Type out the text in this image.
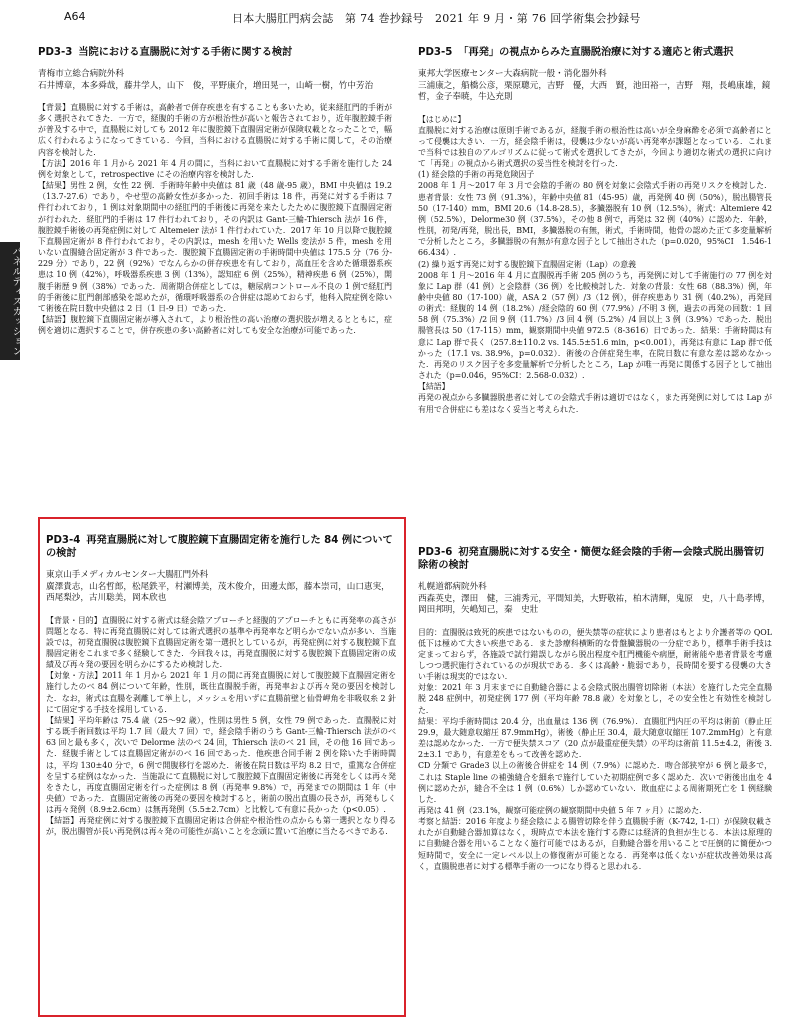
A64	日本大腸肛門病会誌　第 74 巻抄録号　2021 年 9 月・第 76 回学術集会抄録号
パネルディスカッション
PD3-3 当院における直腸脱に対する手術に関する検討

青梅市立総合病院外科

石井博章，本多舜哉，藤井学人，山下　俊，平野康介，増田晃一，山崎一樹，竹中芳治

【背景】直腸脱に対する手術は，高齢者で併存疾患を有することも多いため，従来経肛門的手術が多く選択されてきた．一方で，経腹的手術の方が根治性が高いと報告されており，近年腹腔鏡手術が普及する中で，直腸脱に対しても 2012 年に腹腔鏡下直腸固定術が保険収載となったことで，幅広く行われるようになってきている．今回，当科における直腸脱に対する手術に関して，その治療内容を検討した．

【方法】2016 年 1 月から 2021 年 4 月の間に，当科において直腸脱に対する手術を施行した 24 例を対象として，retrospective にその治療内容を検討した．

【結果】男性 2 例，女性 22 例．手術時年齢中央値は 81 歳（48 歳-95 歳），BMI 中央値は 19.2（13.7-27.6）であり，やせ型の高齢女性が多かった．初回手術は 18 件，再発に対する手術は 7 件行われており，1 例は対象期間中の経肛門的手術後に再発を来たしたために腹腔鏡下直腸固定術が行われた．経肛門的手術は 17 件行われており，その内訳は Gant-三輪-Thiersch 法が 16 件，腹腔鏡手術後の再発症例に対して Altemeier 法が 1 件行われていた．2017 年 10 月以降で腹腔鏡下直腸固定術が 8 件行われており，その内訳は，mesh を用いた Wells 変法が 5 件，mesh を用いない直腸縫合固定術が 3 件であった．腹腔鏡下直腸固定術の手術時間中央値は 175.5 分（76 分-229 分）であり，22 例（92%）でなんらかの併存疾患を有しており，高血圧を含めた循環器系疾患は 10 例（42%），呼吸器系疾患 3 例（13%），認知症 6 例（25%），精神疾患 6 例（25%），開腹手術歴 9 例（38%）であった．周術期合併症としては，糖尿病コントロール不良の 1 例で経肛門的手術後に肛門創部感染を認めたが，循環呼吸器系の合併症は認めておらず，他科入院症例を除いて術後在院日数中央値は 2 日（1 日-9 日）であった．

【結語】腹腔鏡下直腸固定術が導入されて，より根治性の高い治療の選択肢が増えるとともに，症例を適切に選択することで，併存疾患の多い高齢者に対しても安全な治療が可能であった．

PD3-4 再発直腸脱に対して腹腔鏡下直腸固定術を施行した 84 例についての検討

東京山手メディカルセンター大腸肛門外科

廣澤貴志，山名哲郎，松尾鉄平，村瀬博美，茂木俊介，田邊太郎，藤本崇司，山口恵実，西尾梨沙，古川聡美，岡本欣也

【背景・目的】直腸脱に対する術式は経会陰アプローチと経腹的アプローチともに再発率の高さが問題となる．特に再発直腸脱に対しては術式選択の基準や再発率など明らかでない点が多い．当施設では，初発直腸脱は腹腔鏡下直腸固定術を第一選択としているが，再発症例に対する腹腔鏡下直腸固定術をこれまで多く経験してきた．今回我々は，再発直腸脱に対する腹腔鏡下直腸固定術の成績及び再々発の要因を明らかにするため検討した．

【対象・方法】2011 年 1 月から 2021 年 1 月の間に再発直腸脱に対して腹腔鏡下直腸固定術を施行したのべ 84 例について年齢，性別，既往直腸脱手術，再発率および再々発の要因を検討した．なお，術式は直腸を剥離して挙上し，メッシュを用いずに直腸前壁と仙骨岬角を非吸収糸 2 針にて固定する手技を採用している．

【結果】平均年齢は 75.4 歳（25〜92 歳），性別は男性 5 例，女性 79 例であった．直腸脱に対する既手術回数は平均 1.7 回（最大 7 回）で，経会陰手術のうち Gant-三輪-Thiersch 法がのべ 63 回と最も多く，次いで Delorme 法のべ 24 回，Thiersch 法のべ 21 回，その他 16 回であった．経腹手術としては直腸固定術がのべ 16 回であった．他疾患合同手術 2 例を除いた手術時間は，平均 130±40 分で，6 例で開腹移行を認めた．術後在院日数は平均 8.2 日で，重篤な合併症を呈する症例はなかった．当施設にて直腸脱に対して腹腔鏡下直腸固定術後に再発をしくは再々発をきたし，再度直腸固定術を行った症例は 8 例（再発率 9.8%）で，再発までの期間は 1 年（中央値）であった．直腸固定術後の再発の要因を検討すると，術前の脱出直腸の長さが，再発もしくは再々発例（8.9±2.6cm）は無再発例（5.5±2.7cm）と比較して有意に長かった（p<0.05）.

【結語】再発症例に対する腹腔鏡下直腸固定術は合併症や根治性の点からも第一選択となり得るが，脱出腸管が長い再発例は再々発の可能性が高いことを念頭に置いて治療に当たるべきである．

PD3-5 「再発」の視点からみた直腸脱治療に対する適応と術式選択

東邦大学医療センター大森病院一般・消化器外科

三浦康之，船橋公彦，栗原聰元，吉野　優，大西　賢，池田裕一，吉野　翔，長嶋康雄，鏡　　哲，金子奉暁，牛込充則

【はじめに】

直腸脱に対する治療は原則手術であるが，経腹手術の根治性は高いが全身麻酔を必須で高齢者にとって侵襲は大きい．一方，経会陰手術は，侵襲は少ないが高い再発率が課題となっている．これまで当科では独自のアルゴリズムに従って術式を選択してきたが，今回より適切な術式の選択に向けて「再発」の視点から術式選択の妥当性を検討を行った．

(1) 経会陰的手術の再発危険因子

2008 年 1 月〜2017 年 3 月で会陰的手術の 80 例を対象に会陰式手術の再発リスクを検討した．患者背景：女性 73 例（91.3%），年齢中央値 81（45-95）歳，再発例 40 例（50%），脱出腸管長 50（17-140）mm，BMI 20.6（14.8-28.5），多臓器脱有 10 例（12.5%），術式：Altemiere 42 例（52.5%），Delorme30 例（37.5%），その他 8 例で，再発は 32 例（40%）に認めた．年齢，性別，初発/再発，脱出長，BMI，多臓器脱の有無，術式，手術時間，他骨の認めた正て多変量解析で分析したところ，多臓器脱の有無が有意な因子として抽出された（p=0.020，95%CI　1.546-166.434）.

(2) 繰り返す再発に対する腹腔鏡下直腸固定術（Lap）の意義

2008 年 1 月〜2016 年 4 月に直腸脱再手術 205 例のうち，再発例に対して手術施行の 77 例を対象に Lap 群（41 例）と会陰群（36 例）を比較検討した．対象の背景：女性 68（88.3%）例，年齢中央値 80（17-100）歳，ASA 2（57 例）/3（12 例），併存疾患あり 31 例（40.2%），再発回の術式：経腹的 14 例（18.2%）/経会陰的 60 例（77.9%）/不明 3 例，過去の再発の回数：1 回 58 例（75.3%）/2 回 9 例（11.7%）/3 回 4 例（5.2%）/4 回以上 3 例（3.9%）であった．脱出腸管長は 50（17-115）mm，観察期間中央値 972.5（8-3616）日であった．結果：手術時間は有意に Lap 群で長く（257.8±110.2 vs. 145.5±51.6 min，p<0.001），再発は有意に Lap 群で低かった（17.1 vs. 38.9%，p=0.032）．術後の合併症発生率，在院日数に有意な差は認めなかった．再発のリスク因子を多変量解析で分析したところ，Lap が唯一再発に関係する因子として抽出された（p=0.046，95%CI：2.568-0.032）.

【結語】

再発の視点から多臓器脱患者に対しての会陰式手術は適切ではなく，また再発例に対しては Lap が有用で合併症にも差はなく妥当と考えられた．

PD3-6 初発直腸脱に対する安全・簡便な経会陰的手術—会陰式脱出腸管切除術の検討

札幌道都病院外科

西森英史，澤田　健，三浦秀元，平間知美，大野敬祐，柏木清輝，鬼原　史，八十島孝博，岡田邦明，矢嶋知己，秦　史壯

目的：直腸脱は致死的疾患ではないものの，便失禁等の症状により患者はもとより介護者等の QOL 低下は極めて大きい疾患である．また診療科横断的な骨盤臓器脱の一分症であり，標準手術手技は定まっておらず，各施設で試行錯誤しながら脱出程度や肛門機能や病歴，耐術能や患者背景を考慮しつつ選択施行されているのが現状である．多くは高齢・脆弱であり，長時間を要する侵襲の大きい手術は現実的ではない．

対象：2021 年 3 月末までに自動縫合器による会陰式脱出腸管切除術（本法）を施行した完全直腸脱 248 症例中，初発症例 177 例（平均年齢 78.8 歳）を対象とし，その安全性と有効性を検討した．

結果：平均手術時間は 20.4 分，出血量は 136 例（76.9%）．直腸肛門内圧の平均は術前（静止圧 29.9，最大随意収縮圧 87.9mmHg），術後（静止圧 30.4，最大随意収縮圧 107.2mmHg）と有意差は認めなかった．一方で便失禁スコア（20 点が最重症便失禁）の平均は術前 11.5±4.2，術後 3.2±3.1 であり，有意差をもって改善を認めた．

CD 分類で Grade3 以上の術後合併症を 14 例（7.9%）に認めた．吻合部狭窄が 6 例と最多で，これは Staple line の補強縫合を細糸で施行していた初期症例で多く認めた．次いで術後出血を 4 例に認めたが，縫合不全は 1 例（0.6%）しか認めていない．敗血症による周術期死亡を 1 例経験した．

再発は 41 例（23.1%，観察可能症例の観察期間中央値 5 年 7 ヶ月）に認めた．

考察と結語：2016 年度より経会陰による腸管切除を伴う直腸脱手術（K-742, 1-口）が保険収載されたが自動縫合器加算はなく，現時点で本法を施行する際には経済的負担が生じる．本法は原理的に自動縫合器を用いることなく施行可能ではあるが，自動縫合器を用いることで圧倒的に簡便かつ短時間で，安全に一定レベル以上の修復術が可能となる．再発率は低くないが症状改善効果は高く，直腸脱患者に対する標準手術の一つになり得ると思われる．
